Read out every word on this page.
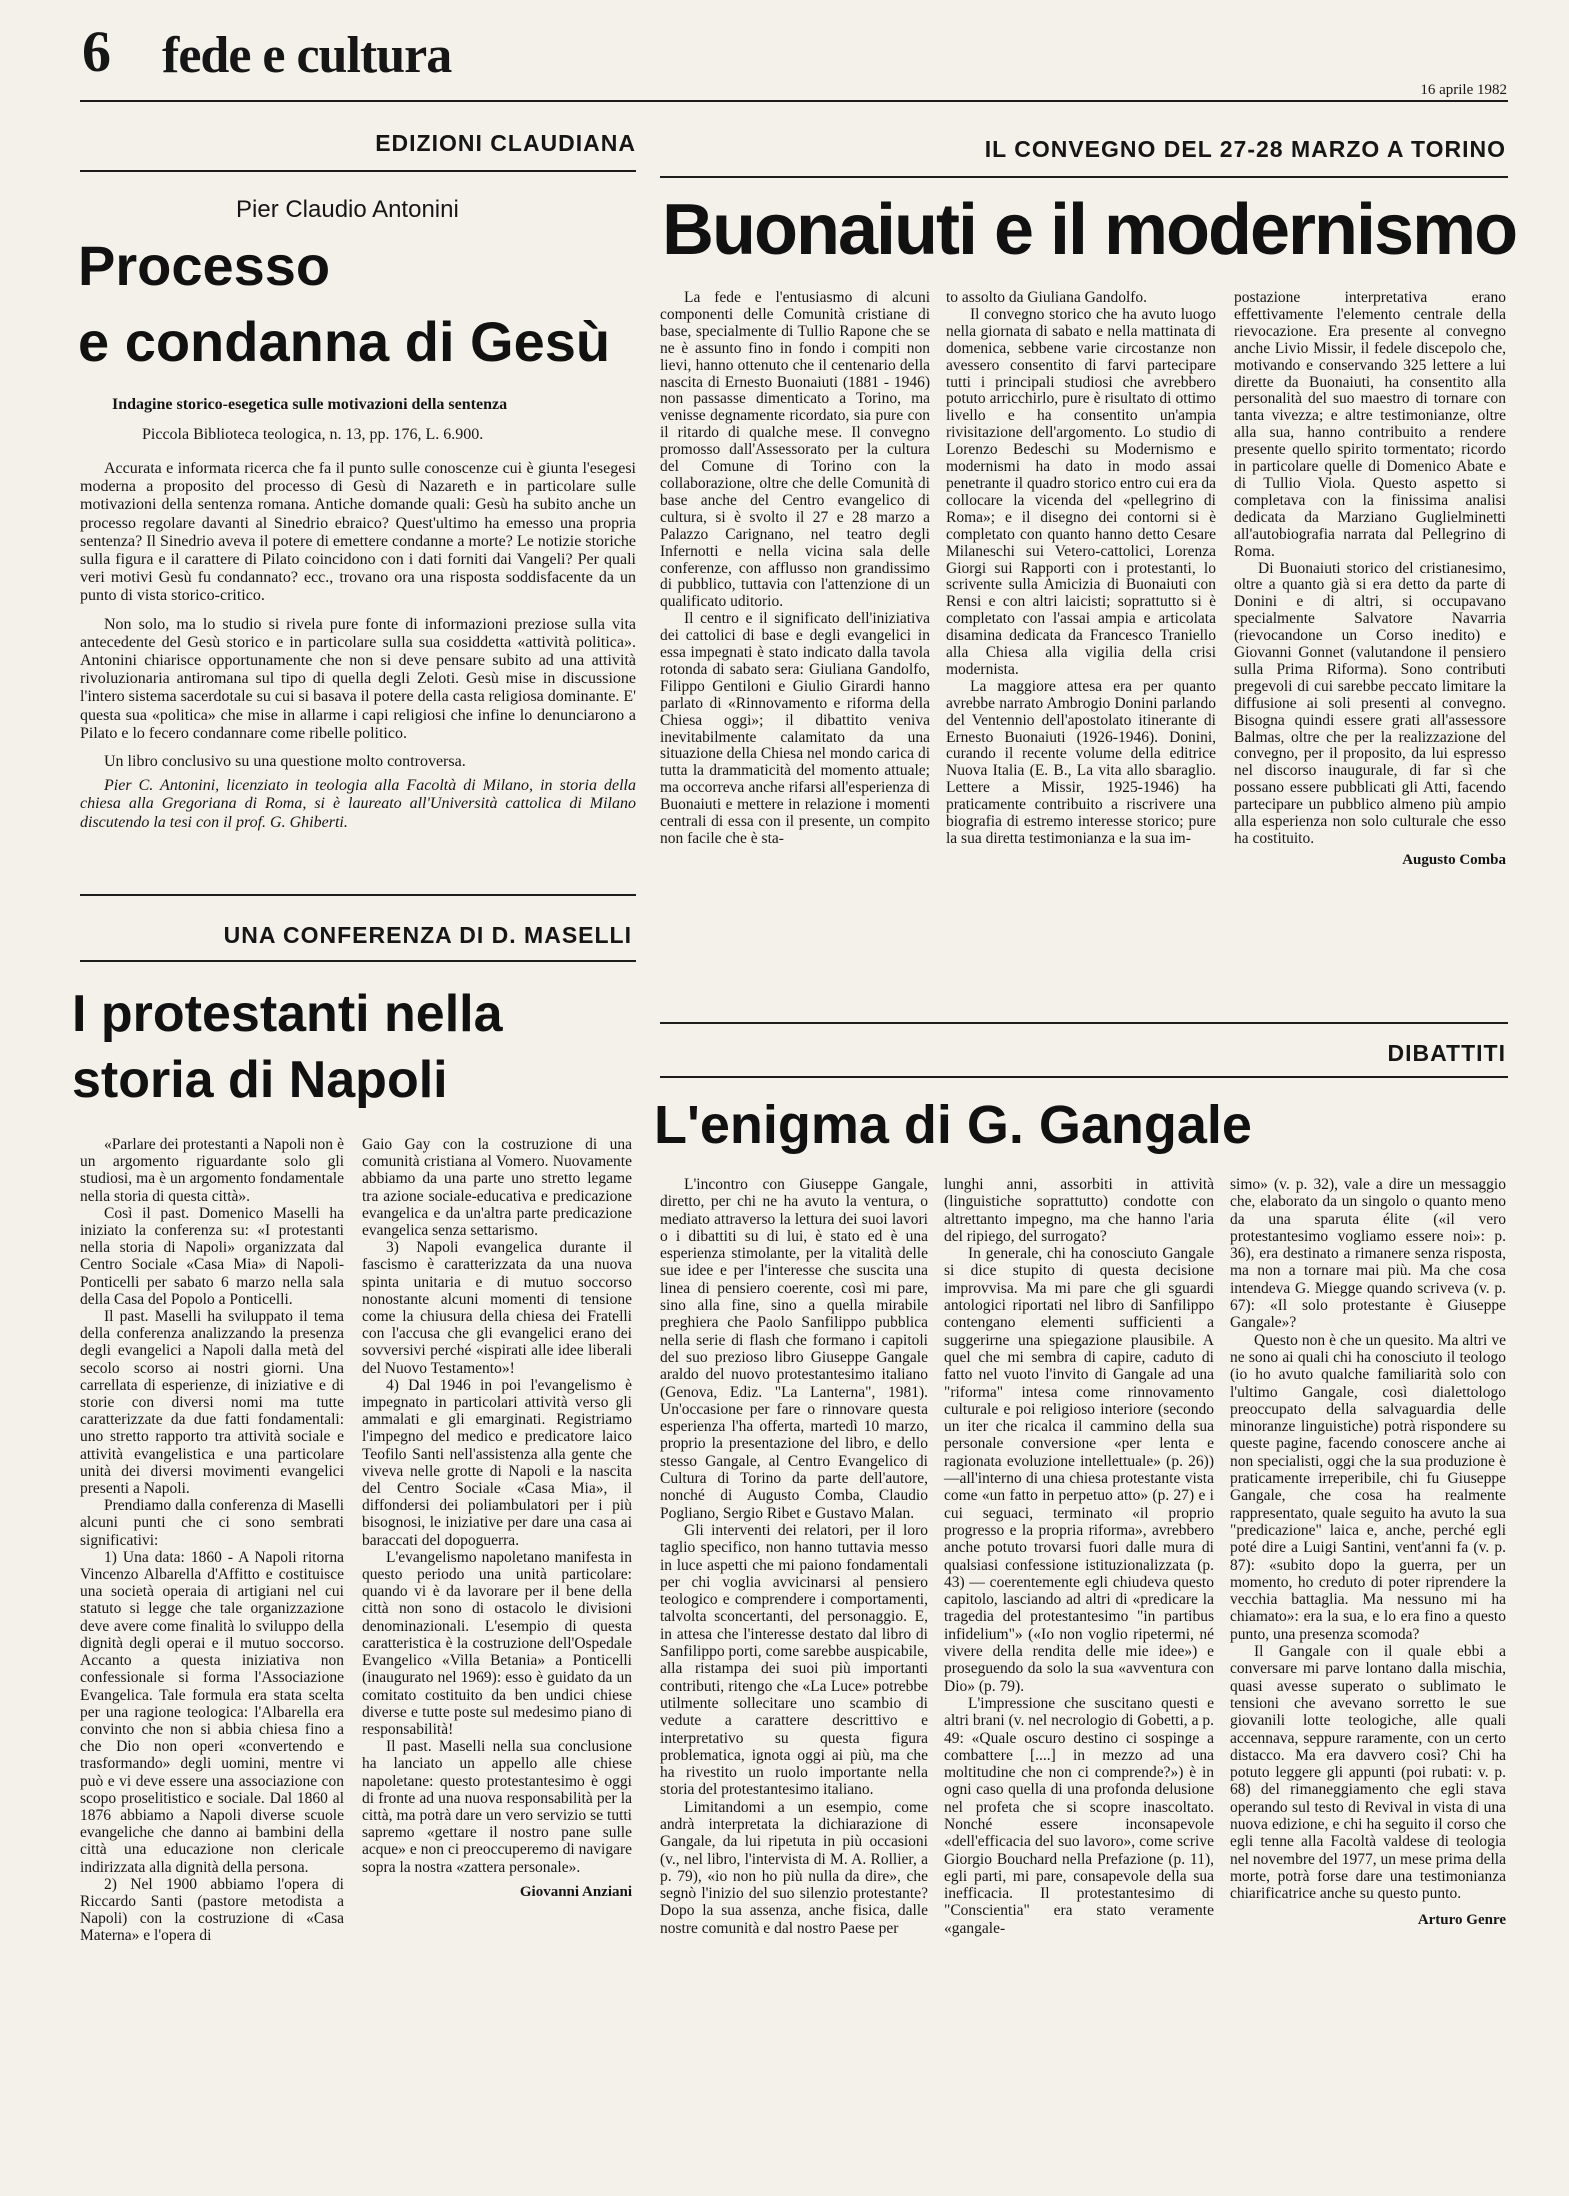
6 fede e cultura
16 aprile 1982
EDIZIONI CLAUDIANA
Pier Claudio Antonini
Processo
e condanna di Gesù
Indagine storico-esegetica sulle motivazioni della sentenza
Piccola Biblioteca teologica, n. 13, pp. 176, L. 6.900.

Accurata e informata ricerca che fa il punto sulle conoscenze cui è giunta l'esegesi moderna a proposito del processo di Gesù di Nazareth e in particolare sulle motivazioni della sentenza romana. Antiche domande quali: Gesù ha subito anche un processo regolare davanti al Sinedrio ebraico? Quest'ultimo ha emesso una propria sentenza? Il Sinedrio aveva il potere di emettere condanne a morte? Le notizie storiche sulla figura e il carattere di Pilato coincidono con i dati forniti dai Vangeli? Per quali veri motivi Gesù fu condannato? ecc., trovano ora una risposta soddisfacente da un punto di vista storico-critico.

Non solo, ma lo studio si rivela pure fonte di informazioni preziose sulla vita antecedente del Gesù storico e in particolare sulla sua cosiddetta «attività politica». Antonini chiarisce opportunamente che non si deve pensare subito ad una attività rivoluzionaria antiromana sul tipo di quella degli Zeloti. Gesù mise in discussione l'intero sistema sacerdotale su cui si basava il potere della casta religiosa dominante. E' questa sua «politica» che mise in allarme i capi religiosi che infine lo denunciarono a Pilato e lo fecero condannare come ribelle politico.

Un libro conclusivo su una questione molto controversa.

Pier C. Antonini, licenziato in teologia alla Facoltà di Milano, in storia della chiesa alla Gregoriana di Roma, si è laureato all'Università cattolica di Milano discutendo la tesi con il prof. G. Ghiberti.

IL CONVEGNO DEL 27-28 MARZO A TORINO
Buonaiuti e il modernismo

La fede e l'entusiasmo di alcuni componenti delle Comunità cristiane di base, specialmente di Tullio Rapone che se ne è assunto fino in fondo i compiti non lievi, hanno ottenuto che il centenario della nascita di Ernesto Buonaiuti (1881 - 1946) non passasse dimenticato a Torino, ma venisse degnamente ricordato, sia pure con il ritardo di qualche mese. Il convegno promosso dall'Assessorato per la cultura del Comune di Torino con la collaborazione, oltre che delle Comunità di base anche del Centro evangelico di cultura, si è svolto il 27 e 28 marzo a Palazzo Carignano, nel teatro degli Infernotti e nella vicina sala delle conferenze, con afflusso non grandissimo di pubblico, tuttavia con l'attenzione di un qualificato uditorio.

Il centro e il significato dell'iniziativa dei cattolici di base e degli evangelici in essa impegnati è stato indicato dalla tavola rotonda di sabato sera: Giuliana Gandolfo, Filippo Gentiloni e Giulio Girardi hanno parlato di «Rinnovamento e riforma della Chiesa oggi»; il dibattito veniva inevitabilmente calamitato da una situazione della Chiesa nel mondo carica di tutta la drammaticità del momento attuale; ma occorreva anche rifarsi all'esperienza di Buonaiuti e mettere in relazione i momenti centrali di essa con il presente, un compito non facile che è sta-

to assolto da Giuliana Gandolfo.

Il convegno storico che ha avuto luogo nella giornata di sabato e nella mattinata di domenica, sebbene varie circostanze non avessero consentito di farvi partecipare tutti i principali studiosi che avrebbero potuto arricchirlo, pure è risultato di ottimo livello e ha consentito un'ampia rivisitazione dell'argomento. Lo studio di Lorenzo Bedeschi su Modernismo e modernismi ha dato in modo assai penetrante il quadro storico entro cui era da collocare la vicenda del «pellegrino di Roma»; e il disegno dei contorni si è completato con quanto hanno detto Cesare Milaneschi sui Vetero-cattolici, Lorenza Giorgi sui Rapporti con i protestanti, lo scrivente sulla Amicizia di Buonaiuti con Rensi e con altri laicisti; soprattutto si è completato con l'assai ampia e articolata disamina dedicata da Francesco Traniello alla Chiesa alla vigilia della crisi modernista.

La maggiore attesa era per quanto avrebbe narrato Ambrogio Donini parlando del Ventennio dell'apostolato itinerante di Ernesto Buonaiuti (1926-1946). Donini, curando il recente volume della editrice Nuova Italia (E. B., La vita allo sbaraglio. Lettere a Missir, 1925-1946) ha praticamente contribuito a riscrivere una biografia di estremo interesse storico; pure la sua diretta testimonianza e la sua im-

postazione interpretativa erano effettivamente l'elemento centrale della rievocazione. Era presente al convegno anche Livio Missir, il fedele discepolo che, motivando e conservando 325 lettere a lui dirette da Buonaiuti, ha consentito alla personalità del suo maestro di tornare con tanta vivezza; e altre testimonianze, oltre alla sua, hanno contribuito a rendere presente quello spirito tormentato; ricordo in particolare quelle di Domenico Abate e di Tullio Viola. Questo aspetto si completava con la finissima analisi dedicata da Marziano Guglielminetti all'autobiografia narrata dal Pellegrino di Roma.

Di Buonaiuti storico del cristianesimo, oltre a quanto già si era detto da parte di Donini e di altri, si occupavano specialmente Salvatore Navarria (rievocandone un Corso inedito) e Giovanni Gonnet (valutandone il pensiero sulla Prima Riforma). Sono contributi pregevoli di cui sarebbe peccato limitare la diffusione ai soli presenti al convegno. Bisogna quindi essere grati all'assessore Balmas, oltre che per la realizzazione del convegno, per il proposito, da lui espresso nel discorso inaugurale, di far sì che possano essere pubblicati gli Atti, facendo partecipare un pubblico almeno più ampio alla esperienza non solo culturale che esso ha costituito.

Augusto Comba
UNA CONFERENZA DI D. MASELLI
I protestanti nella
storia di Napoli

«Parlare dei protestanti a Napoli non è un argomento riguardante solo gli studiosi, ma è un argomento fondamentale nella storia di questa città».

Così il past. Domenico Maselli ha iniziato la conferenza su: «I protestanti nella storia di Napoli» organizzata dal Centro Sociale «Casa Mia» di Napoli-Ponticelli per sabato 6 marzo nella sala della Casa del Popolo a Ponticelli.

Il past. Maselli ha sviluppato il tema della conferenza analizzando la presenza degli evangelici a Napoli dalla metà del secolo scorso ai nostri giorni. Una carrellata di esperienze, di iniziative e di storie con diversi nomi ma tutte caratterizzate da due fatti fondamentali: uno stretto rapporto tra attività sociale e attività evangelistica e una particolare unità dei diversi movimenti evangelici presenti a Napoli.

Prendiamo dalla conferenza di Maselli alcuni punti che ci sono sembrati significativi:

1) Una data: 1860 - A Napoli ritorna Vincenzo Albarella d'Affitto e costituisce una società operaia di artigiani nel cui statuto si legge che tale organizzazione deve avere come finalità lo sviluppo della dignità degli operai e il mutuo soccorso. Accanto a questa iniziativa non confessionale si forma l'Associazione Evangelica. Tale formula era stata scelta per una ragione teologica: l'Albarella era convinto che non si abbia chiesa fino a che Dio non operi «convertendo e trasformando» degli uomini, mentre vi può e vi deve essere una associazione con scopo proselitistico e sociale. Dal 1860 al 1876 abbiamo a Napoli diverse scuole evangeliche che danno ai bambini della città una educazione non clericale indirizzata alla dignità della persona.

2) Nel 1900 abbiamo l'opera di Riccardo Santi (pastore metodista a Napoli) con la costruzione di «Casa Materna» e l'opera di

Gaio Gay con la costruzione di una comunità cristiana al Vomero. Nuovamente abbiamo da una parte uno stretto legame tra azione sociale-educativa e predicazione evangelica e da un'altra parte predicazione evangelica senza settarismo.

3) Napoli evangelica durante il fascismo è caratterizzata da una nuova spinta unitaria e di mutuo soccorso nonostante alcuni momenti di tensione come la chiusura della chiesa dei Fratelli con l'accusa che gli evangelici erano dei sovversivi perché «ispirati alle idee liberali del Nuovo Testamento»!

4) Dal 1946 in poi l'evangelismo è impegnato in particolari attività verso gli ammalati e gli emarginati. Registriamo l'impegno del medico e predicatore laico Teofilo Santi nell'assistenza alla gente che viveva nelle grotte di Napoli e la nascita del Centro Sociale «Casa Mia», il diffondersi dei poliambulatori per i più bisognosi, le iniziative per dare una casa ai baraccati del dopoguerra.

L'evangelismo napoletano manifesta in questo periodo una unità particolare: quando vi è da lavorare per il bene della città non sono di ostacolo le divisioni denominazionali. L'esempio di questa caratteristica è la costruzione dell'Ospedale Evangelico «Villa Betania» a Ponticelli (inaugurato nel 1969): esso è guidato da un comitato costituito da ben undici chiese diverse e tutte poste sul medesimo piano di responsabilità!

Il past. Maselli nella sua conclusione ha lanciato un appello alle chiese napoletane: questo protestantesimo è oggi di fronte ad una nuova responsabilità per la città, ma potrà dare un vero servizio se tutti sapremo «gettare il nostro pane sulle acque» e non ci preoccuperemo di navigare sopra la nostra «zattera personale».

Giovanni Anziani
DIBATTITI
L'enigma di G. Gangale

L'incontro con Giuseppe Gangale, diretto, per chi ne ha avuto la ventura, o mediato attraverso la lettura dei suoi lavori o i dibattiti su di lui, è stato ed è una esperienza stimolante, per la vitalità delle sue idee e per l'interesse che suscita una linea di pensiero coerente, così mi pare, sino alla fine, sino a quella mirabile preghiera che Paolo Sanfilippo pubblica nella serie di flash che formano i capitoli del suo prezioso libro Giuseppe Gangale araldo del nuovo protestantesimo italiano (Genova, Ediz. "La Lanterna", 1981). Un'occasione per fare o rinnovare questa esperienza l'ha offerta, martedì 10 marzo, proprio la presentazione del libro, e dello stesso Gangale, al Centro Evangelico di Cultura di Torino da parte dell'autore, nonché di Augusto Comba, Claudio Pogliano, Sergio Ribet e Gustavo Malan.

Gli interventi dei relatori, per il loro taglio specifico, non hanno tuttavia messo in luce aspetti che mi paiono fondamentali per chi voglia avvicinarsi al pensiero teologico e comprendere i comportamenti, talvolta sconcertanti, del personaggio. E, in attesa che l'interesse destato dal libro di Sanfilippo porti, come sarebbe auspicabile, alla ristampa dei suoi più importanti contributi, ritengo che «La Luce» potrebbe utilmente sollecitare uno scambio di vedute a carattere descrittivo e interpretativo su questa figura problematica, ignota oggi ai più, ma che ha rivestito un ruolo importante nella storia del protestantesimo italiano.

Limitandomi a un esempio, come andrà interpretata la dichiarazione di Gangale, da lui ripetuta in più occasioni (v., nel libro, l'intervista di M. A. Rollier, a p. 79), «io non ho più nulla da dire», che segnò l'inizio del suo silenzio protestante? Dopo la sua assenza, anche fisica, dalle nostre comunità e dal nostro Paese per

lunghi anni, assorbiti in attività (linguistiche soprattutto) condotte con altrettanto impegno, ma che hanno l'aria del ripiego, del surrogato?

In generale, chi ha conosciuto Gangale si dice stupito di questa decisione improvvisa. Ma mi pare che gli sguardi antologici riportati nel libro di Sanfilippo contengano elementi sufficienti a suggerirne una spiegazione plausibile. A quel che mi sembra di capire, caduto di fatto nel vuoto l'invito di Gangale ad una "riforma" intesa come rinnovamento culturale e poi religioso interiore (secondo un iter che ricalca il cammino della sua personale conversione «per lenta e ragionata evoluzione intellettuale» (p. 26)) —all'interno di una chiesa protestante vista come «un fatto in perpetuo atto» (p. 27) e i cui seguaci, terminato «il proprio progresso e la propria riforma», avrebbero anche potuto trovarsi fuori dalle mura di qualsiasi confessione istituzionalizzata (p. 43) — coerentemente egli chiudeva questo capitolo, lasciando ad altri di «predicare la tragedia del protestantesimo "in partibus infidelium"» («Io non voglio ripetermi, né vivere della rendita delle mie idee») e proseguendo da solo la sua «avventura con Dio» (p. 79).

L'impressione che suscitano questi e altri brani (v. nel necrologio di Gobetti, a p. 49: «Quale oscuro destino ci sospinge a combattere [....] in mezzo ad una moltitudine che non ci comprende?») è in ogni caso quella di una profonda delusione nel profeta che si scopre inascoltato. Nonché essere inconsapevole «dell'efficacia del suo lavoro», come scrive Giorgio Bouchard nella Prefazione (p. 11), egli parti, mi pare, consapevole della sua inefficacia. Il protestantesimo di "Conscientia" era stato veramente «gangale-

simo» (v. p. 32), vale a dire un messaggio che, elaborato da un singolo o quanto meno da una sparuta élite («il vero protestantesimo vogliamo essere noi»: p. 36), era destinato a rimanere senza risposta, ma non a tornare mai più. Ma che cosa intendeva G. Miegge quando scriveva (v. p. 67): «Il solo protestante è Giuseppe Gangale»?

Questo non è che un quesito. Ma altri ve ne sono ai quali chi ha conosciuto il teologo (io ho avuto qualche familiarità solo con l'ultimo Gangale, così dialettologo preoccupato della salvaguardia delle minoranze linguistiche) potrà rispondere su queste pagine, facendo conoscere anche ai non specialisti, oggi che la sua produzione è praticamente irreperibile, chi fu Giuseppe Gangale, che cosa ha realmente rappresentato, quale seguito ha avuto la sua "predicazione" laica e, anche, perché egli poté dire a Luigi Santini, vent'anni fa (v. p. 87): «subito dopo la guerra, per un momento, ho creduto di poter riprendere la vecchia battaglia. Ma nessuno mi ha chiamato»: era la sua, e lo era fino a questo punto, una presenza scomoda?

Il Gangale con il quale ebbi a conversare mi parve lontano dalla mischia, quasi avesse superato o sublimato le tensioni che avevano sorretto le sue giovanili lotte teologiche, alle quali accennava, seppure raramente, con un certo distacco. Ma era davvero così? Chi ha potuto leggere gli appunti (poi rubati: v. p. 68) del rimaneggiamento che egli stava operando sul testo di Revival in vista di una nuova edizione, e chi ha seguito il corso che egli tenne alla Facoltà valdese di teologia nel novembre del 1977, un mese prima della morte, potrà forse dare una testimonianza chiarificatrice anche su questo punto.

Arturo Genre
